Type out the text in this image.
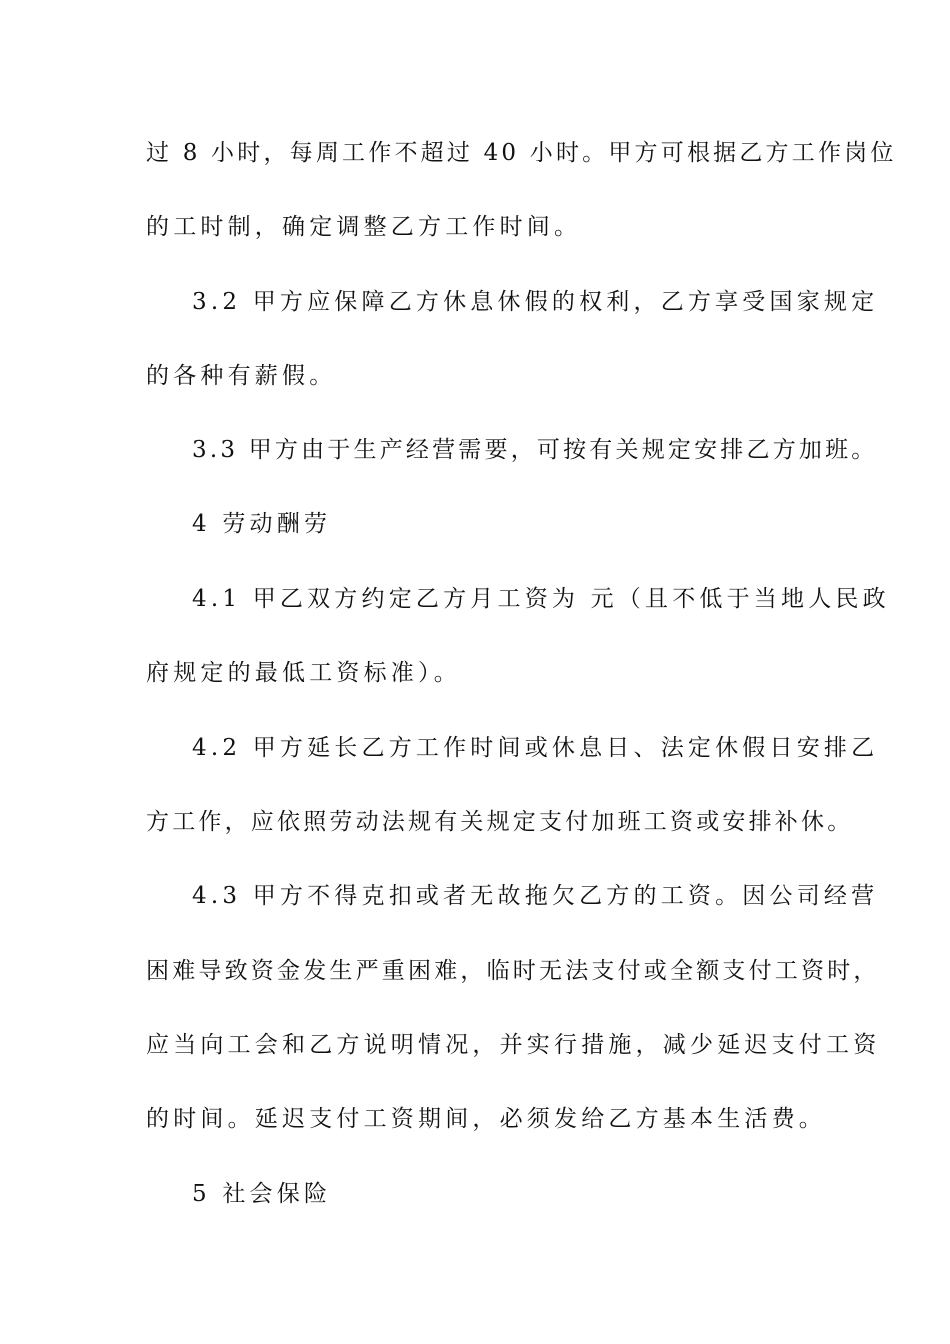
过 8 小时，每周工作不超过 40 小时。甲方可根据乙方工作岗位
的工时制，确定调整乙方工作时间。
3.2 甲方应保障乙方休息休假的权利，乙方享受国家规定
的各种有薪假。
3.3 甲方由于生产经营需要，可按有关规定安排乙方加班。
4 劳动酬劳
4.1 甲乙双方约定乙方月工资为 元（且不低于当地人民政
府规定的最低工资标准）。
4.2 甲方延长乙方工作时间或休息日、法定休假日安排乙
方工作，应依照劳动法规有关规定支付加班工资或安排补休。
4.3 甲方不得克扣或者无故拖欠乙方的工资。因公司经营
困难导致资金发生严重困难，临时无法支付或全额支付工资时，
应当向工会和乙方说明情况，并实行措施，减少延迟支付工资
的时间。延迟支付工资期间，必须发给乙方基本生活费。
5 社会保险
